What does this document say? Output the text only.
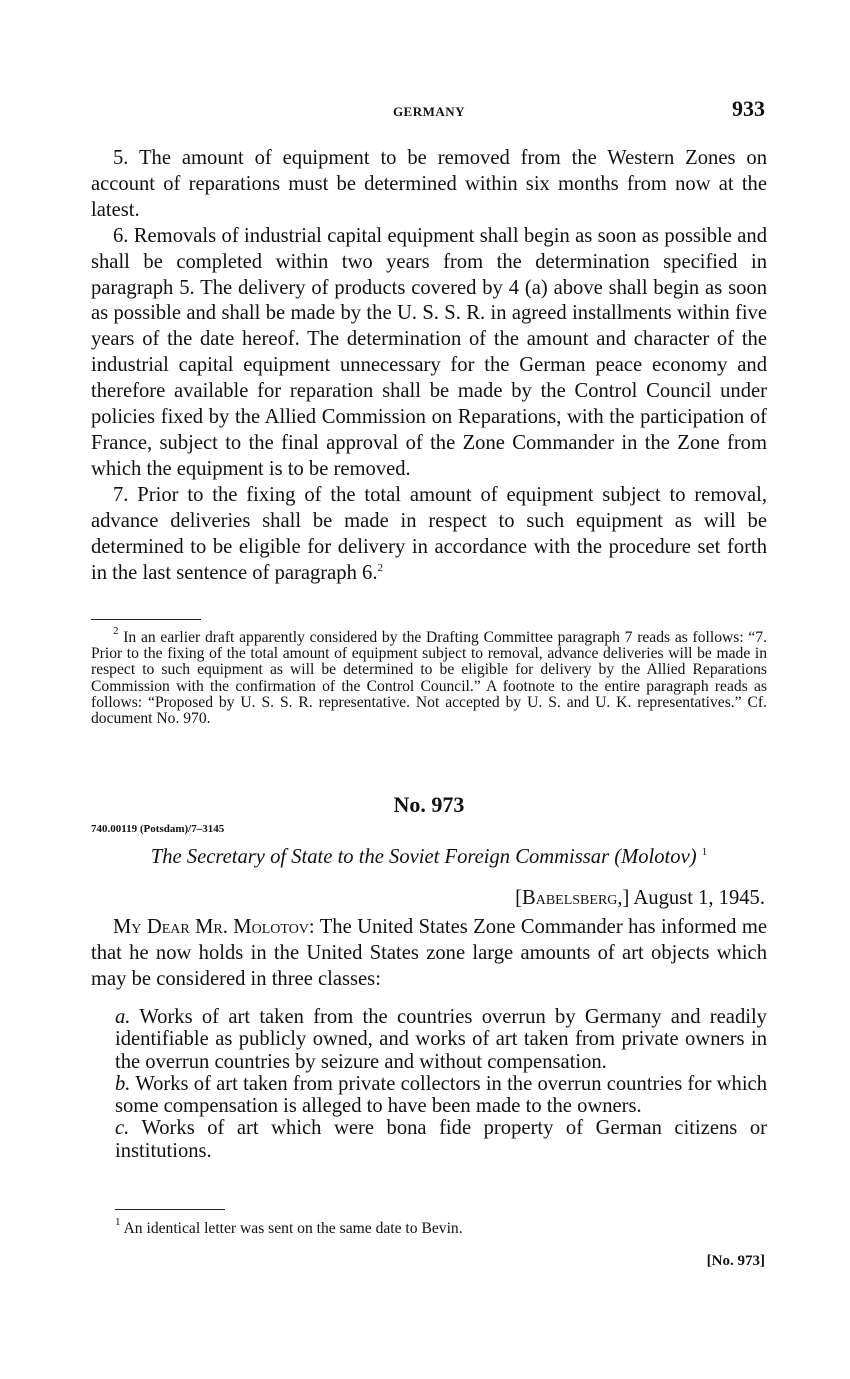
GERMANY	933

5. The amount of equipment to be removed from the Western Zones on account of reparations must be determined within six months from now at the latest.

6. Removals of industrial capital equipment shall begin as soon as possible and shall be completed within two years from the determination specified in paragraph 5. The delivery of products covered by 4 (a) above shall begin as soon as possible and shall be made by the U. S. S. R. in agreed installments within five years of the date hereof. The determination of the amount and character of the industrial capital equipment unnecessary for the German peace economy and therefore available for reparation shall be made by the Control Council under policies fixed by the Allied Commission on Reparations, with the participation of France, subject to the final approval of the Zone Commander in the Zone from which the equipment is to be removed.

7. Prior to the fixing of the total amount of equipment subject to removal, advance deliveries shall be made in respect to such equipment as will be determined to be eligible for delivery in accordance with the procedure set forth in the last sentence of paragraph 6.$^2$

$^2$ In an earlier draft apparently considered by the Drafting Committee paragraph 7 reads as follows: “7. Prior to the fixing of the total amount of equipment subject to removal, advance deliveries will be made in respect to such equipment as will be determined to be eligible for delivery by the Allied Reparations Commission with the confirmation of the Control Council.” A footnote to the entire paragraph reads as follows: “Proposed by U. S. S. R. representative. Not accepted by U. S. and U. K. representatives.” Cf. document No. 970.
No. 973
740.00119 (Potsdam)/7–3145
The Secretary of State to the Soviet Foreign Commissar (Molotov) $^1$
[Babelsberg,] August 1, 1945.

My Dear Mr. Molotov: The United States Zone Commander has informed me that he now holds in the United States zone large amounts of art objects which may be considered in three classes:

a. Works of art taken from the countries overrun by Germany and readily identifiable as publicly owned, and works of art taken from private owners in the overrun countries by seizure and without compensation.

b. Works of art taken from private collectors in the overrun countries for which some compensation is alleged to have been made to the owners.

c. Works of art which were bona fide property of German citizens or institutions.

$^1$ An identical letter was sent on the same date to Bevin.
[No. 973]
